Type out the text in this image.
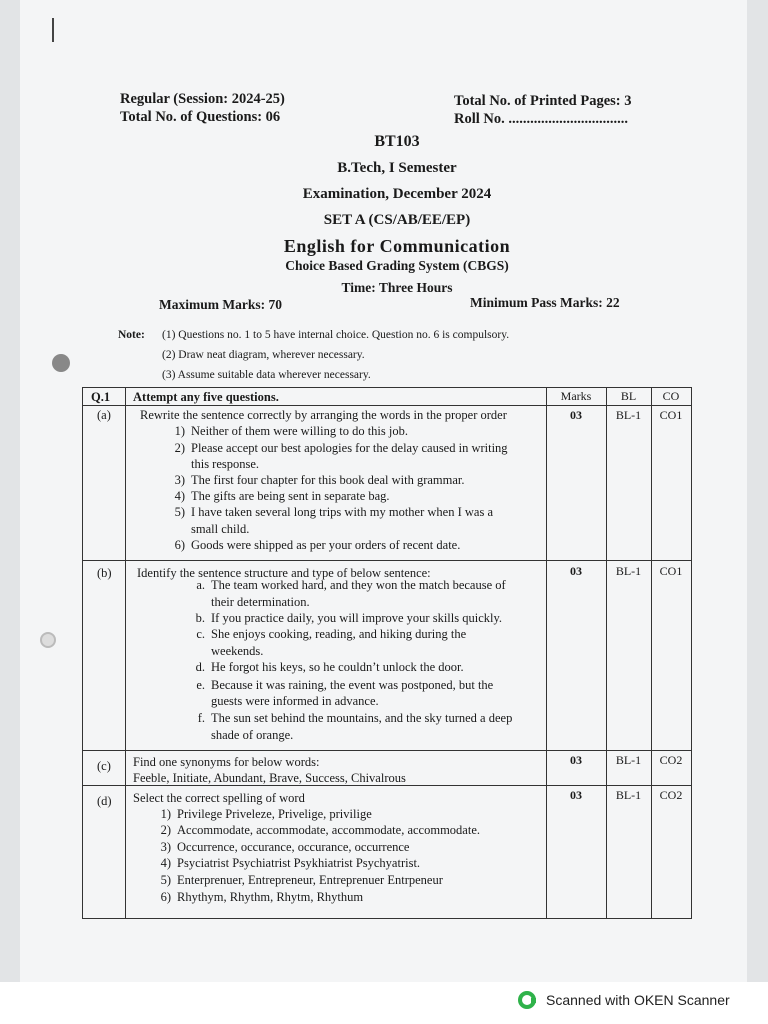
Regular (Session: 2024-25)
Total No. of Questions: 06
Total No. of Printed Pages: 3
Roll No. .................................
BT103
B.Tech, I Semester
Examination, December 2024
SET A (CS/AB/EE/EP)
English for Communication
Choice Based Grading System (CBGS)
Time: Three Hours
Maximum Marks: 70	Minimum Pass Marks: 22
Note: (1) Questions no. 1 to 5 have internal choice. Question no. 6 is compulsory.
(2) Draw neat diagram, wherever necessary.
(3) Assume suitable data wherever necessary.
Q.1 Attempt any five questions.	Marks	BL	CO
(a) Rewrite the sentence correctly by arranging the words in the proper order	03	BL-1	CO1
1) Neither of them were willing to do this job.
2) Please accept our best apologies for the delay caused in writing
this response.
3) The first four chapter for this book deal with grammar.
4) The gifts are being sent in separate bag.
5) I have taken several long trips with my mother when I was a
small child.
6) Goods were shipped as per your orders of recent date.
(b) Identify the sentence structure and type of below sentence:	03	BL-1	CO1
a. The team worked hard, and they won the match because of
their determination.
b. If you practice daily, you will improve your skills quickly.
c. She enjoys cooking, reading, and hiking during the
weekends.
d. He forgot his keys, so he couldn’t unlock the door.
e. Because it was raining, the event was postponed, but the
guests were informed in advance.
f. The sun set behind the mountains, and the sky turned a deep
shade of orange.
(c) Find one synonyms for below words:
Feeble, Initiate, Abundant, Brave, Success, Chivalrous
03	BL-1	CO2
(d) Select the correct spelling of word	03	BL-1	CO2
1) Privilege Priveleze, Privelige, privilige
2) Accommodate, accommodate, accommodate, accommodate.
3) Occurrence, occurance, occurance, occurrence
4) Psyciatrist Psychiatrist Psykhiatrist Psychyatrist.
5) Enterprenuer, Entrepreneur, Entreprenuer Entrpeneur
6) Rhythym, Rhythm, Rhytm, Rhythum
Scanned with OKEN Scanner
